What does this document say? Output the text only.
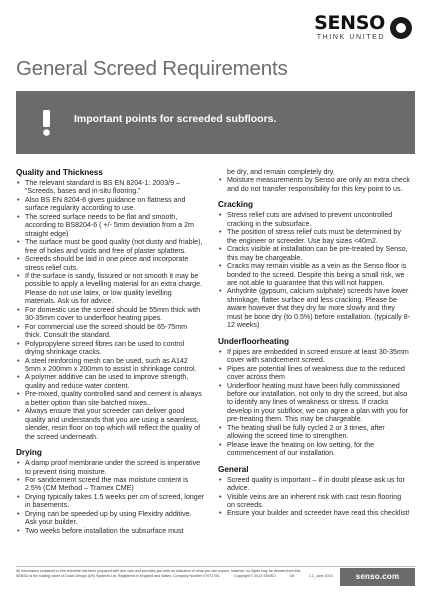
SENSO
THINK UNITED
General Screed Requirements
Important points for screeded subfloors.
Quality and Thickness
• The relevant standard is BS EN 8204-1: 2003/9 – “Screeds, bases and in-situ flooring.”
• Also BS EN 8204-6 gives guidance on flatness and surface regularity according to use.
• The screed surface needs to be flat and smooth, according to BS8204-6 ( +/- 5mm deviation from a 2m straight edge)
• The surface must be good quality (not dusty and friable), free of holes and voids and free of plaster splatters.
• Screeds should be laid in one piece and incorporate stress relief cuts.
• If the surface is sandy, fissured or not smooth it may be possible to apply a levelling material for an extra charge. Please do not use latex, or low quality levelling materials. Ask us for advice.
• For domestic use the screed should be 55mm thick with 30-35mm cover to underfloor heating pipes.
• For commercial use the screed should be 65-75mm thick. Consult the standard.
• Polypropylene screed fibres can be used to control drying shrinkage cracks.
• A steel reinforcing mesh can be used, such as A142 5mm x 200mm x 200mm to assist in shrinkage control.
• A polymer additive can be used to improve strength, quality and reduce water content.
• Pre-mixed, quality controlled sand and cement is always a better option than site batched mixes..
• Always ensure that your screeder can deliver good quality and understands that you are using a seamless, slender, resin floor on top which will reflect the quality of the screed underneath.
Drying
• A damp proof membrane under the screed is imperative to prevent rising moisture.
• For sandcement screed the max moisture content is 2.5% (CM Method – Tramex CME)
• Drying typically takes 1.5 weeks per cm of screed, longer in basements.
• Drying can be speeded up by using Flexidry additive. Ask your builder.
• Two weeks before installation the subsurface must
be dry, and remain completely dry.
• Moisture measurements by Senso are only an extra check and do not transfer responsibility for this key point to us.
Cracking
• Stress relief cuts are advised to prevent uncontrolled cracking in the subsurface.
• The position of stress relief cuts must be determined by the engineer or screeder. Use bay sizes <40m2.
• Cracks visible at installation can be pre-treated by Senso, this may be chargeable.
• Cracks may remain visible as a vein as the Senso floor is bonded to the screed. Despite this being a small risk, we are not able to guarantee that this will not happen.
• Anhydrite (gypsum, calcium sulphate) screeds have lower shrinkage, flatter surface and less cracking. Please be aware however that they dry far more slowly and they must be bone dry (to 0.5%) before installation. (typically 8-12 weeks)
Underfloorheating
• If pipes are embedded in screed ensure at least 30-35mm cover with sandcement screed.
• Pipes are potential lines of weakness due to the reduced cover across them
• Underfloor heating must have been fully commissioned before our installation, not only to dry the screed, but also to identify any lines of weakness or stress. If cracks develop in your subfloor, we can agree a plan with you for pre-treating them. This may be chargeable.
• The heating shall be fully cycled 2 or 3 times, after allowing the screed time to strengthen.
• Please leave the heating on low setting, for the commencement of our installation.
General
• Screed quality is important – if in doubt please ask us for advice.
• Visible veins are an inherent risk with cast resin flooring on screeds.
• Ensure your builder and screeder have read this checklist!
All information contained in this checklist has been prepared with due care and provides you with an indication of what you can expect, however, no rights may be derived from this.
SENSO is the trading name of Dutch Design (UK) Systems Ltd, Registered in England and Wales: Company Number 07671706.	Copyright © 2013 SENSO	UK	1.2_June 2013	senso.com
